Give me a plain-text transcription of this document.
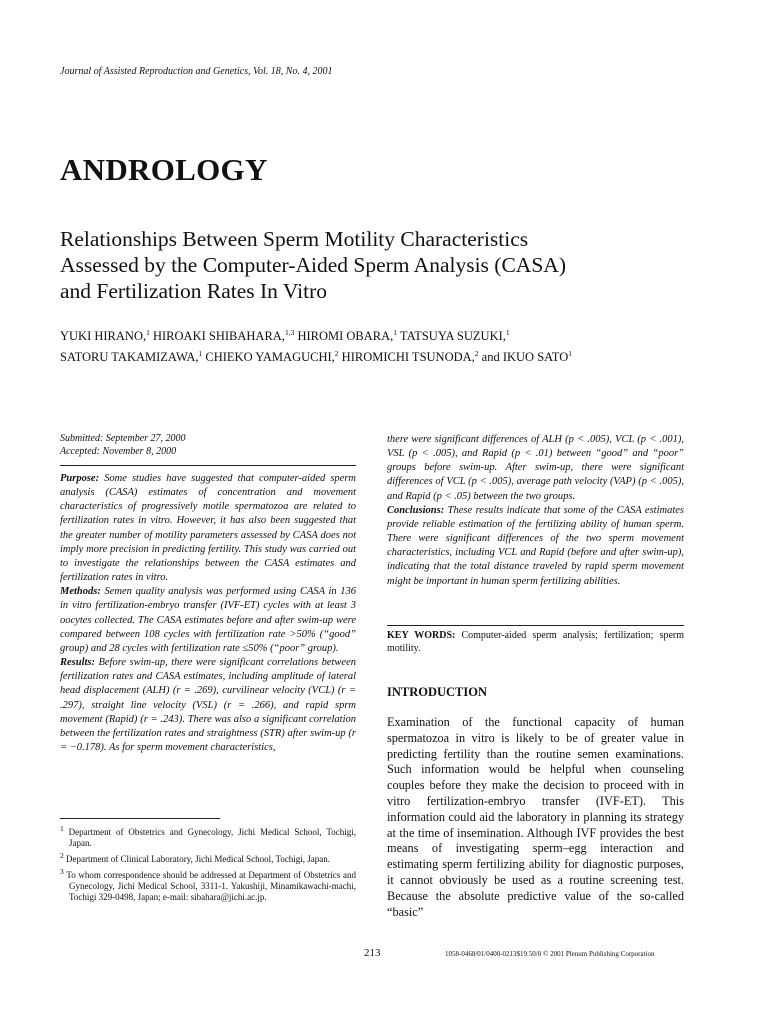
Journal of Assisted Reproduction and Genetics, Vol. 18, No. 4, 2001
ANDROLOGY
Relationships Between Sperm Motility Characteristics
Assessed by the Computer-Aided Sperm Analysis (CASA)
and Fertilization Rates In Vitro
YUKI HIRANO,$^1$ HIROAKI SHIBAHARA,$^{1,3}$ HIROMI OBARA,$^1$ TATSUYA SUZUKI,$^1$
SATORU TAKAMIZAWA,$^1$ CHIEKO YAMAGUCHI,$^2$ HIROMICHI TSUNODA,$^2$ and IKUO SATO$^1$
Submitted: September 27, 2000
Accepted: November 8, 2000

Purpose: Some studies have suggested that computer-aided sperm analysis (CASA) estimates of concentration and movement characteristics of progressively motile spermatozoa are related to fertilization rates in vitro. However, it has also been suggested that the greater number of motility parameters assessed by CASA does not imply more precision in predicting fertility. This study was carried out to investigate the relationships between the CASA estimates and fertilization rates in vitro.

Methods: Semen quality analysis was performed using CASA in 136 in vitro fertilization-embryo transfer (IVF-ET) cycles with at least 3 oocytes collected. The CASA estimates before and after swim-up were compared between 108 cycles with fertilization rate >50% (“good” group) and 28 cycles with fertilization rate ≤50% (“poor” group).

Results: Before swim-up, there were significant correlations between fertilization rates and CASA estimates, including amplitude of lateral head displacement (ALH) (r = .269), curvilinear velocity (VCL) (r = .297), straight line velocity (VSL) (r = .266), and rapid sprm movement (Rapid) (r = .243). There was also a significant correlation between the fertilization rates and straightness (STR) after swim-up (r = −0.178). As for sperm movement characteristics,

there were significant differences of ALH (p < .005), VCL (p < .001), VSL (p < .005), and Rapid (p < .01) between “good” and “poor” groups before swim-up. After swim-up, there were significant differences of VCL (p < .005), average path velocity (VAP) (p < .005), and Rapid (p < .05) between the two groups.

Conclusions: These results indicate that some of the CASA estimates provide reliable estimation of the fertilizing ability of human sperm. There were significant differences of the two sperm movement characteristics, including VCL and Rapid (before and after swim-up), indicating that the total distance traveled by rapid sperm movement might be important in human sperm fertilizing abilities.

KEY WORDS: Computer-aided sperm analysis; fertilization; sperm motility.
INTRODUCTION
Examination of the functional capacity of human spermatozoa in vitro is likely to be of greater value in predicting fertility than the routine semen examinations. Such information would be helpful when counseling couples before they make the decision to proceed with in vitro fertilization-embryo transfer (IVF-ET). This information could aid the laboratory in planning its strategy at the time of insemination. Although IVF provides the best means of investigating sperm–egg interaction and estimating sperm fertilizing ability for diagnostic purposes, it cannot obviously be used as a routine screening test. Because the absolute predictive value of the so-called “basic”

$^1$ Department of Obstetrics and Gynecology, Jichi Medical School, Tochigi, Japan.

$^2$ Department of Clinical Laboratory, Jichi Medical School, Tochigi, Japan.

$^3$ To whom correspondence should be addressed at Department of Obstetrics and Gynecology, Jichi Medical School, 3311-1. Yakushiji, Minamikawachi-machi, Tochigi 329-0498, Japan; e-mail: sibahara@jichi.ac.jp.

213	1058-0468/01/0400-0213$19.50/0 © 2001 Plenum Publishing Corporation
